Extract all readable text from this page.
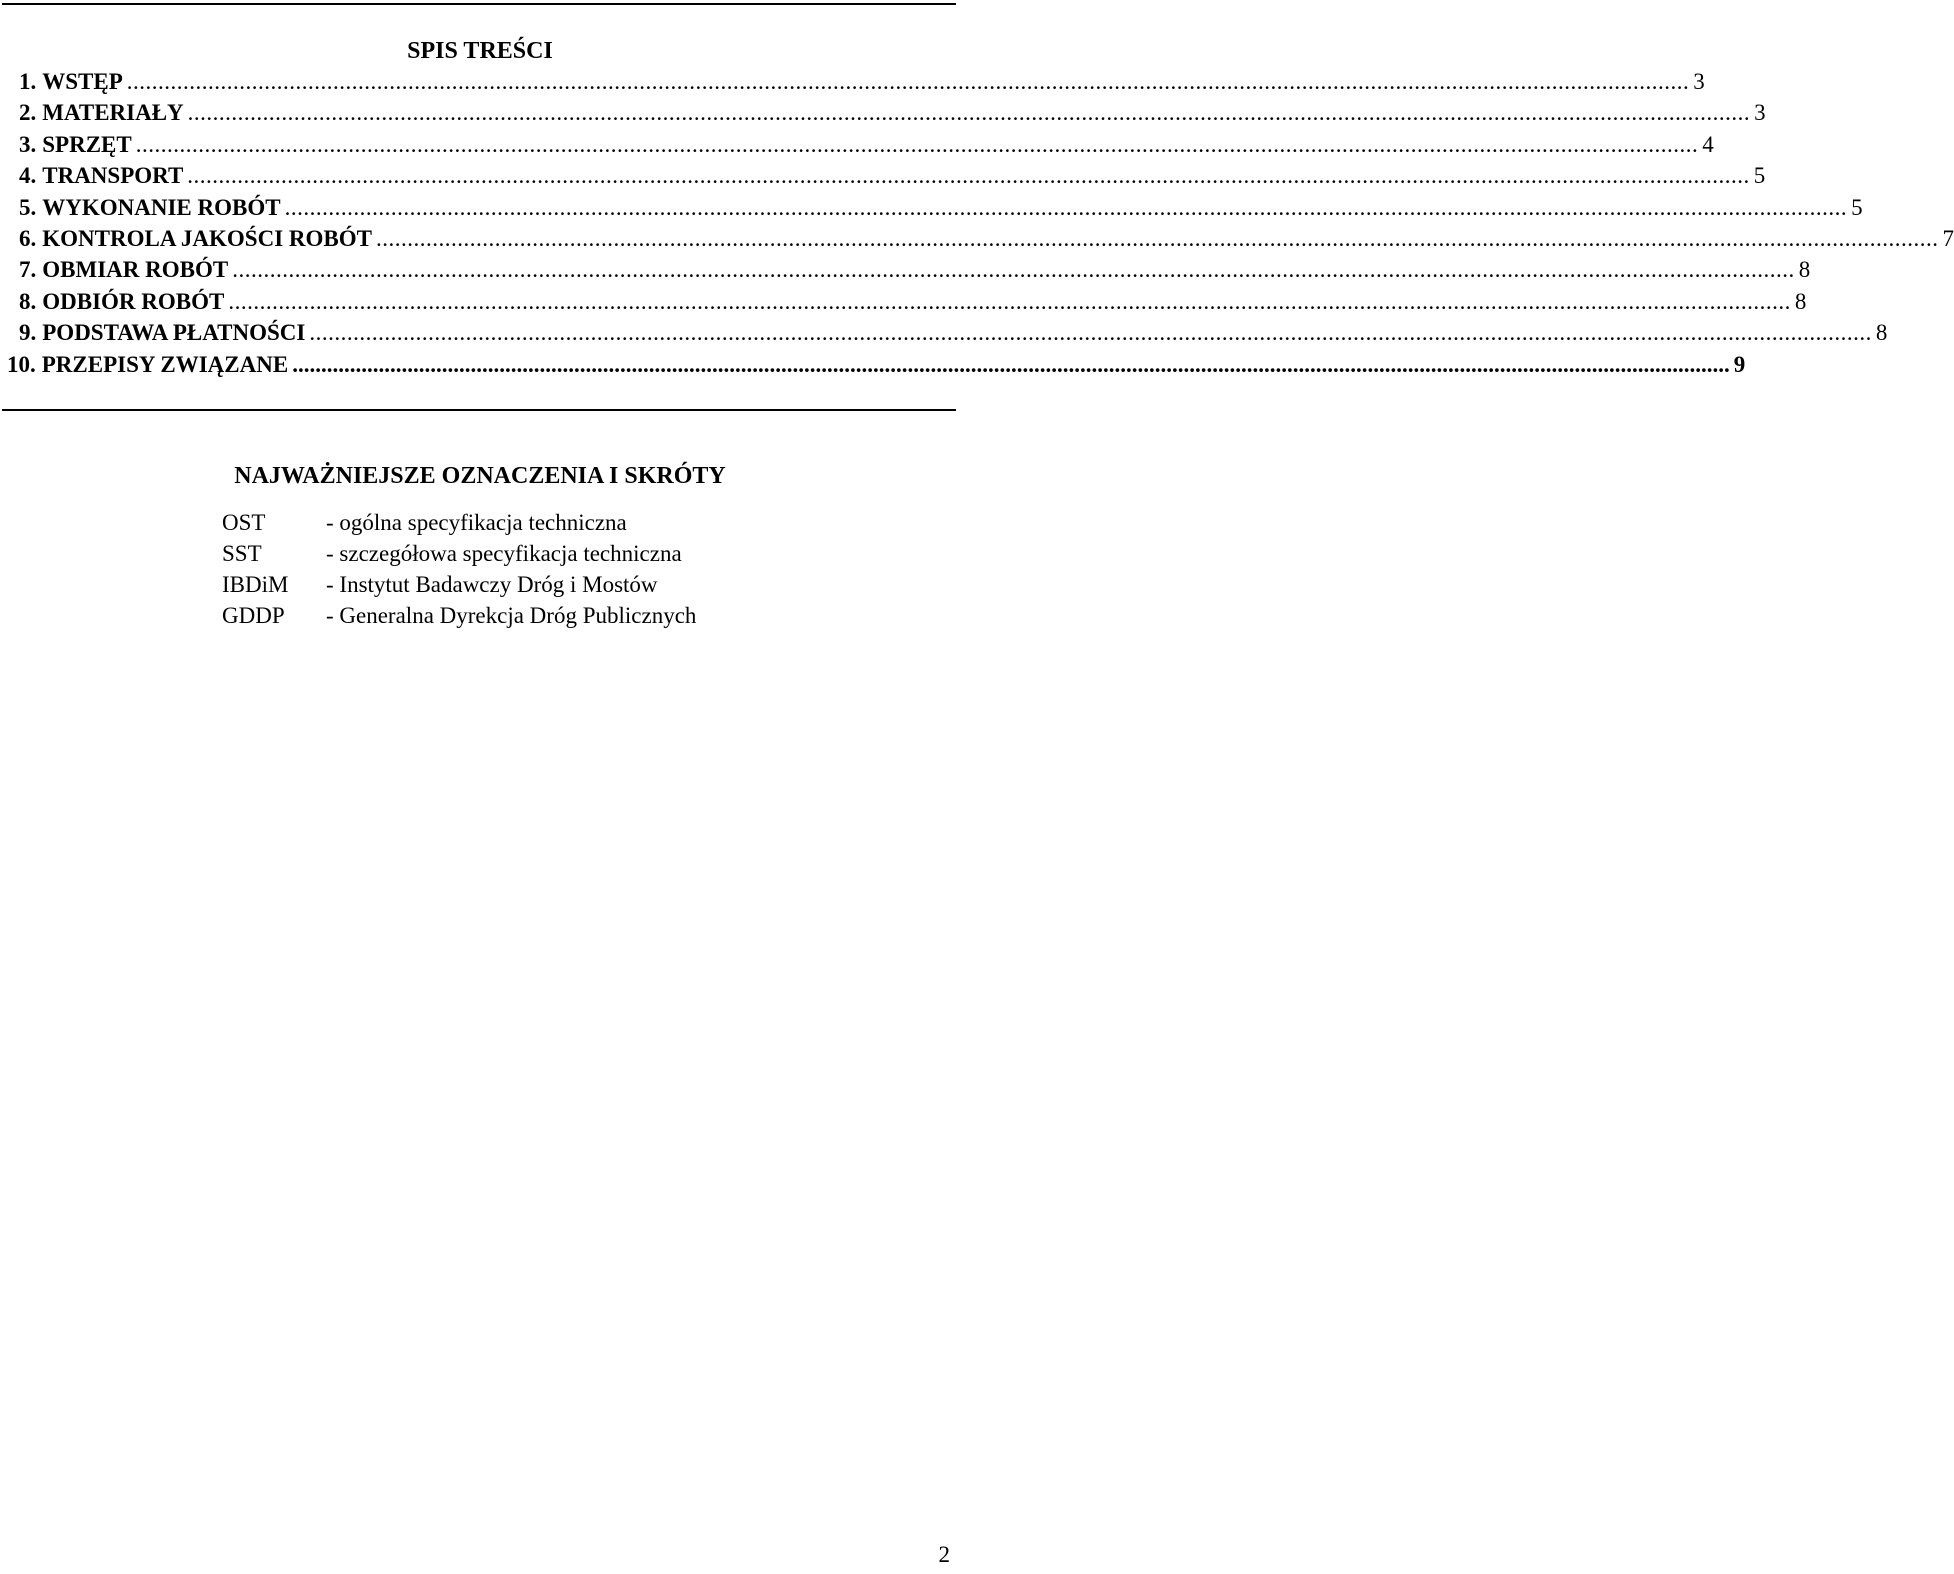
SPIS TREŚCI
1. WSTĘP .......................................................................................................................................................................................................................................................... 3
2. MATERIAŁY .......................................................................................................................................................................................................................................................... 3
3. SPRZĘT .......................................................................................................................................................................................................................................................... 4
4. TRANSPORT .......................................................................................................................................................................................................................................................... 5
5. WYKONANIE ROBÓT .......................................................................................................................................................................................................................................................... 5
6. KONTROLA JAKOŚCI ROBÓT .......................................................................................................................................................................................................................................................... 7
7. OBMIAR ROBÓT .......................................................................................................................................................................................................................................................... 8
8. ODBIÓR ROBÓT .......................................................................................................................................................................................................................................................... 8
9. PODSTAWA PŁATNOŚCI .......................................................................................................................................................................................................................................................... 8
10. PRZEPISY ZWIĄZANE .......................................................................................................................................................................................................................................................... 9
NAJWAŻNIEJSZE OZNACZENIA I SKRÓTY
OST	- ogólna specyfikacja techniczna
SST	- szczegółowa specyfikacja techniczna
IBDiM	- Instytut Badawczy Dróg i Mostów
GDDP	- Generalna Dyrekcja Dróg Publicznych
2
